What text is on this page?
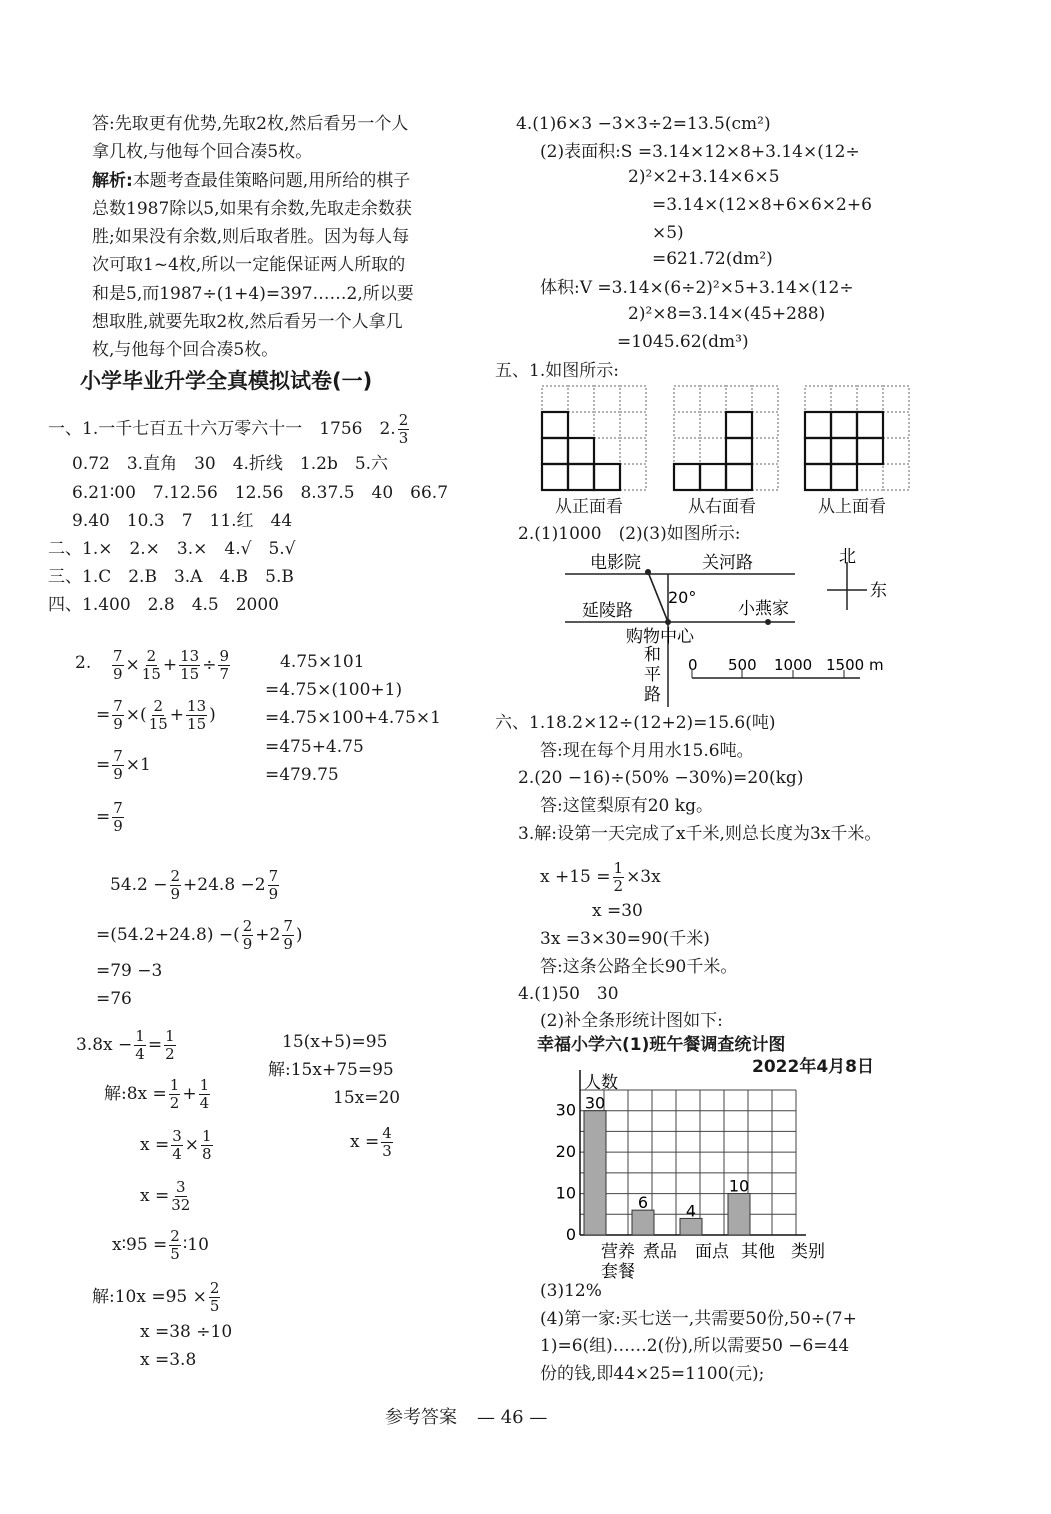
答:先取更有优势,先取2枚,然后看另一个人
拿几枚,与他每个回合凑5枚。
解析:本题考查最佳策略问题,用所给的棋子
总数1987除以5,如果有余数,先取走余数获
胜;如果没有余数,则后取者胜。因为每人每
次可取1~4枚,所以一定能保证两人所取的
和是5,而1987÷(1+4)=397……2,所以要
想取胜,就要先取2枚,然后看另一个人拿几
枚,与他每个回合凑5枚。
小学毕业升学全真模拟试卷(一)
一、1.一千七百五十六万零六十一　1756　2. $\frac{2}{3}$
0.72　3.直角　30　4.折线　1.2b　5.六
6.21∶00　7.12.56　12.56　8.37.5　40　66.7
9.40　10.3　7　11.红　44
二、1.×　2.×　3.×　4.√　5.√
三、1.C　2.B　3.A　4.B　5.B
四、1.400　2.8　4.5　2000
2. $\frac{7}{9} \times \frac{2}{15} + \frac{13}{15} \div \frac{9}{7}$
= $\frac{7}{9}$ ×( $\frac{2}{15} + \frac{13}{15}$ )
= $\frac{7}{9} \times 1$
= $\frac{7}{9}$
4.75×101
=4.75×(100+1)
=4.75×100+4.75×1
=475+4.75
=479.75
$54.2 - \frac{2}{9} +24.8 -2 \frac{7}{9}$
=(54.2+24.8) −( $\frac{2}{9} +2 \frac{7}{9}$ )
=79 −3
=76
$3.8x - \frac{1}{4} = \frac{1}{2}$
解:8x = $\frac{1}{2} + \frac{1}{4}$
$x = \frac{3}{4} \times \frac{1}{8}$
$x = \frac{3}{32}$
15(x+5)=95
解:15x+75=95
15x=20
$x = \frac{4}{3}$
x∶95 = $\frac{2}{5}$ ∶10
解:10x $=95 \times \frac{2}{5}$
x =38 ÷10
x =3.8
4.(1)6×3 −3×3÷2=13.5(cm²)
(2)表面积:S =3.14×12×8+3.14×(12÷
2)²×2+3.14×6×5
=3.14×(12×8+6×6×2+6
×5)
=621.72(dm²)
体积:V =3.14×(6÷2)²×5+3.14×(12÷
2)²×8=3.14×(45+288)
=1045.62(dm³)
五、1.如图所示:
从正面看	从右面看	从上面看
2.(1)1000　(2)(3)如图所示:
电影院	关河路
延陵路	小燕家
20°
购物中心
和
平
路
北
东
0 500 1000 1500 m
六、1.18.2×12÷(12+2)=15.6(吨)
答:现在每个月用水15.6吨。
2.(20 −16)÷(50% −30%)=20(kg)
答:这筐梨原有20 kg。
3.解:设第一天完成了x千米,则总长度为3x千米。
$x +15 = \frac{1}{2} \times 3x$
x =30
3x =3×30=90(千米)
答:这条公路全长90千米。
4.(1)50　30
(2)补全条形统计图如下:
幸福小学六(1)班午餐调查统计图
2022年4月8日
0
10
20
30
人数
30
6 4
10
营养
套餐
煮品 面点 其他 类别
(3)12%
(4)第一家:买七送一,共需要50份,50÷(7+
1)=6(组)……2(份),所以需要50 −6=44
份的钱,即44×25=1100(元);
参考答案 — 46 —
